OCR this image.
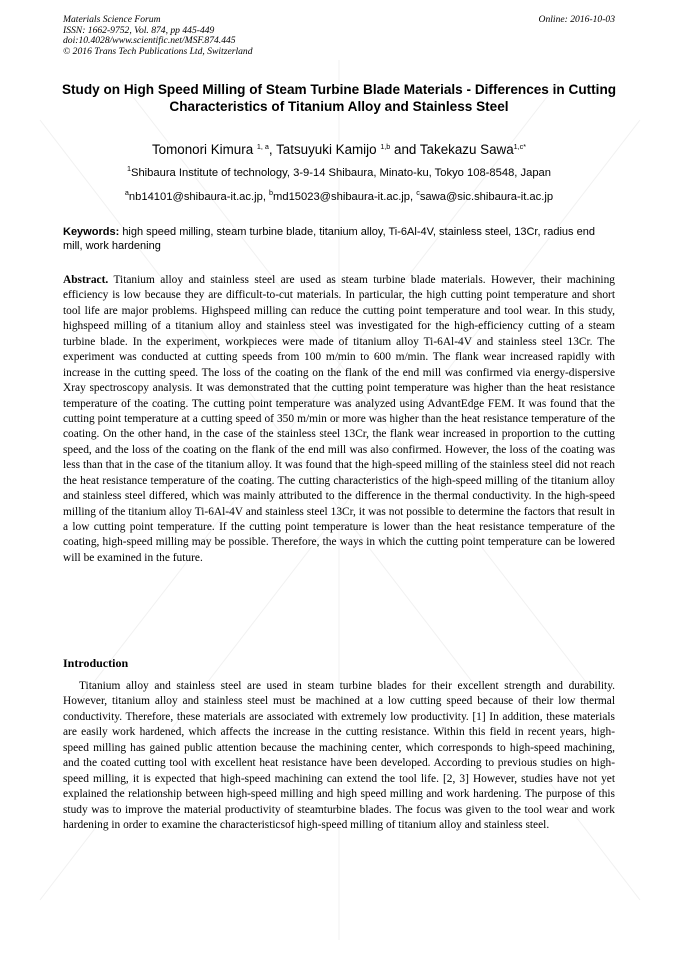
Materials Science Forum
ISSN: 1662-9752, Vol. 874, pp 445-449
doi:10.4028/www.scientific.net/MSF.874.445
© 2016 Trans Tech Publications Ltd, Switzerland
Online: 2016-10-03
Study on High Speed Milling of Steam Turbine Blade Materials - Differences in Cutting Characteristics of Titanium Alloy and Stainless Steel
Tomonori Kimura $^{1, a}$, Tatsuyuki Kamijo $^{1,b}$ and Takekazu Sawa$^{1,c*}$
$^1$Shibaura Institute of technology, 3-9-14 Shibaura, Minato-ku, Tokyo 108-8548, Japan
$^a$nb14101@shibaura-it.ac.jp, $^b$md15023@shibaura-it.ac.jp, $^c$sawa@sic.shibaura-it.ac.jp
Keywords: high speed milling, steam turbine blade, titanium alloy, Ti-6Al-4V, stainless steel, 13Cr, radius end mill, work hardening
Abstract. Titanium alloy and stainless steel are used as steam turbine blade materials. However, their machining efficiency is low because they are difficult-to-cut materials. In particular, the high cutting point temperature and short tool life are major problems. Highspeed milling can reduce the cutting point temperature and tool wear. In this study, highspeed milling of a titanium alloy and stainless steel was investigated for the high-efficiency cutting of a steam turbine blade. In the experiment, workpieces were made of titanium alloy Ti-6Al-4V and stainless steel 13Cr. The experiment was conducted at cutting speeds from 100 m/min to 600 m/min. The flank wear increased rapidly with increase in the cutting speed. The loss of the coating on the flank of the end mill was confirmed via energy-dispersive Xray spectroscopy analysis. It was demonstrated that the cutting point temperature was higher than the heat resistance temperature of the coating. The cutting point temperature was analyzed using AdvantEdge FEM. It was found that the cutting point temperature at a cutting speed of 350 m/min or more was higher than the heat resistance temperature of the coating. On the other hand, in the case of the stainless steel 13Cr, the flank wear increased in proportion to the cutting speed, and the loss of the coating on the flank of the end mill was also confirmed. However, the loss of the coating was less than that in the case of the titanium alloy. It was found that the high-speed milling of the stainless steel did not reach the heat resistance temperature of the coating. The cutting characteristics of the high-speed milling of the titanium alloy and stainless steel differed, which was mainly attributed to the difference in the thermal conductivity. In the high-speed milling of the titanium alloy Ti-6Al-4V and stainless steel 13Cr, it was not possible to determine the factors that result in a low cutting point temperature. If the cutting point temperature is lower than the heat resistance temperature of the coating, high-speed milling may be possible. Therefore, the ways in which the cutting point temperature can be lowered will be examined in the future.
Introduction
Titanium alloy and stainless steel are used in steam turbine blades for their excellent strength and durability. However, titanium alloy and stainless steel must be machined at a low cutting speed because of their low thermal conductivity. Therefore, these materials are associated with extremely low productivity. [1] In addition, these materials are easily work hardened, which affects the increase in the cutting resistance. Within this field in recent years, high-speed milling has gained public attention because the machining center, which corresponds to high-speed machining, and the coated cutting tool with excellent heat resistance have been developed. According to previous studies on high-speed milling, it is expected that high-speed machining can extend the tool life. [2, 3] However, studies have not yet explained the relationship between high-speed milling and high speed milling and work hardening. The purpose of this study was to improve the material productivity of steamturbine blades. The focus was given to the tool wear and work hardening in order to examine the characteristicsof high-speed milling of titanium alloy and stainless steel.
